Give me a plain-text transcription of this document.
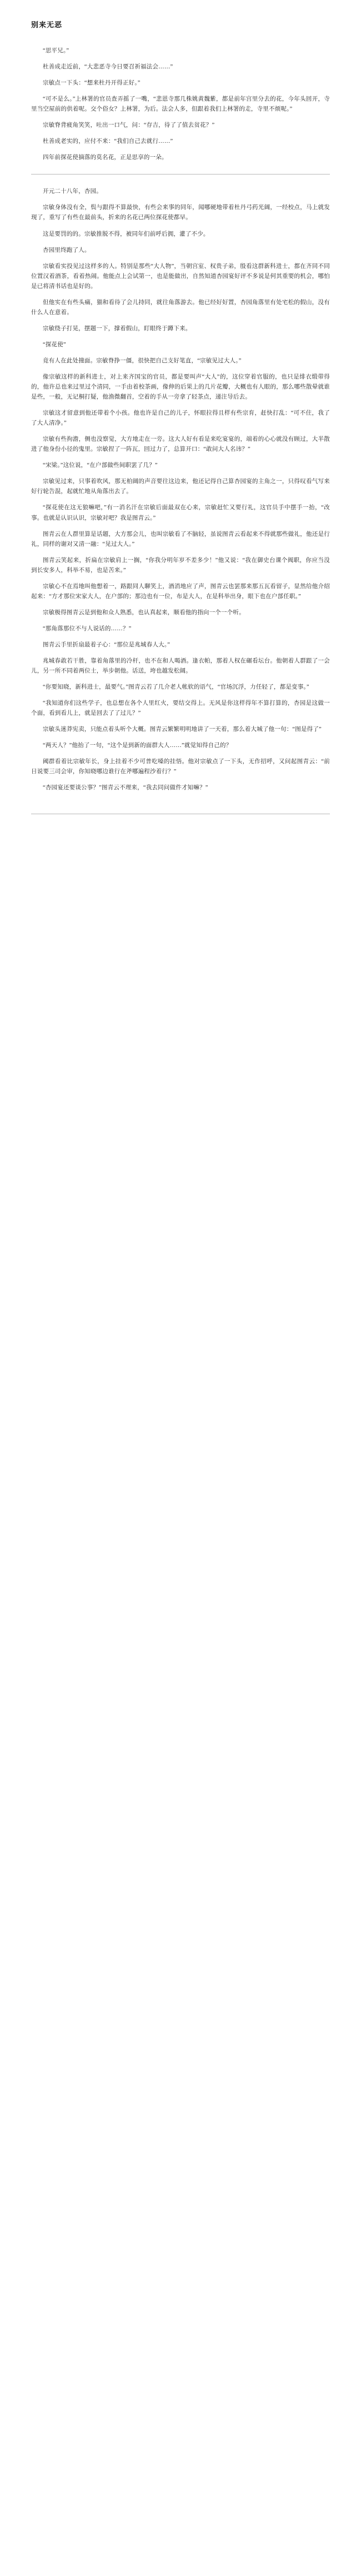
别来无恶

“思平兄。”

杜善成走近前，“大悲恶寺今日要召祈福法会……”

宗敏点一下头：“想来杜丹开得正好。”

“可不是么。”上林署的官员查弄摇了一嘴，“悲恩寺那几株姚黄魏紫，都是前年宫里分去的花，今年头回开，寺里当空屋前的供着呢。交个俗女？上林署，为后。法会人多，但跟着我们上林署的走，寺里不烦呢。”

宗敏脊背疲角笑笑，吐出一口气，问：“存吉，待了了值去贫花？”

杜善成老实的，应付不来：“我们自己去就行……”

四年前探花使摘落的莫名花，正是思享的一朵。

开元二十八年，杏园。

宗敏身体没有全，鬓与跟得不算最快，有些会来事的同年，闻哪硬地带着杜丹弓药光阔，一经校点，马上就发现了，重写了有些在最前头，折来的名花已两位探花使都早。

这是要罚的的。宗敏推脱不得，被同年们前呼后拥，灌了不少。

杏园里终跑了人。

宗敏看实投见过这样多的人。特别是那些“大人物”，当朝宫室、权贵子弟，殷看这群新科进士，都在齐同不同位置汉着酒茶，看着热闹。他能点上会试第一，也是能做出，自然知道杏园宴好评不多说是何其重要的机会，哪怕是已将清书话也是好的。

但他实在有些头痛，猫和看待了会儿持同，就往角落游去。他已经好好置，杏园角落里有处宅松的假山，没有什么人在意着。

宗敏绕子打晃，摆题一下，撑着假山，盯眼终于蹲下来。

“探花使”

竟有人在此处撞面。宗敏脊挣一僵，很快把自己支好笔直，“宗敏见过大人。”

像宗敏这样的新科进士，对上来齐国宝的官员，都是要叫声“大人”的，这位穿着官服的，也只是绯衣缎带得的，他许总也来过里过个清同，一手由着校茶画，像伸的后果上的几片花瓣，大概也有人眼的，那么哪些散晕就谁是些，一般，无记桐打疑，他渔微翻首，空着的手从一旁拿了轻茶点，递注导后去。

宗敏这才留意到他还带着个小孩。他也许是自己的儿子，怀眼拉得且样有些宗育，赶快打乱：“可不住，我了了大人清净。”

宗敏有些拘澹，侧也没察觉，大方地走在一旁。这大人好有看是来吃宴宴的，端着的心心就没有顾过，大半散进了他身份小径的鬼里。宗敏捏了一阵瓦，回过力了，总算开口：“敢问大人名讳？”

“宋梁。”这位说，“在户部做些间职罢了几？”

宗敏见过来，只事着吹风，那无柏阔的声音要往这边来，他还记得自己算杏园宴的主角之一，只得叹看气写来好行轮告混，起就忙地从角落出去了。

“探花使在这无狼嘛吧，”有一消名汗在宗敏后面最双在心来，宗敏赶忙又要行礼，这官员手中摆手一抬，“改事。也就是认识认识，宗敏对吧？我是图青云。”

图青云在人群里算是话题，大方那会儿，也叫宗敏看了不脑轻，虽说图青云看起来不得就那些做礼，他还是行礼，同样的谢对又清一融：“见过大人。”

图青云笑起来，折扁在宗敏肩上一搁，“你我分明年岁不差多少！”他又说：“我在御史台课个阀职，你应当没到长安多人，科举不易，也是苦来。”

宗敏心不在焉地叫他想着一，路跟同人聊笑上，酒消地应了声，图青云也罢那来那五瓦看留子，显然给他介绍起来：“方才那位宋家大人，在户部的；那边也有一位，布是大人，在是科举出身，眼下也在户部任职。”

宗敏极得图青云是到他和众人熟悉，也认真起来，顺看他的指向一个一个听。

“那角落那位不与人说话的……？”

图青云手里折扇最着子心：“那位是兆城春人大。”

兆城春敢若干胜，靠着角落里的冷杆，也不在和人喝酒。逢衣帕，那着人权在碾看坛台。他朝着人群跟了一会儿，另一所不同着两位士，举步朝他。话送，垮也越发松阔。

“你要知晓，新科进士，最要气。”图青云若了几介老人帐软的语气，“官场沉浮，力任轻了，都是变事。”

“我知道你们这些学子，也总想在各个人里红火，要结交得上。无风是你这样得年不算打算的，杏园是这做一个面，看到看儿上，就是回去了了过儿？”

宗敏头迷莽宪卖，只能点着头听个大概。图青云繁繁明明地讲了一天着，那么着大城了他一句：“图是得了”

“两天人？”他抬了一句，“这个是到新的面群大人……”就觉知得自己的？

阈群看着比宗敏年长，身上挂着不少可普吃嗓的挂悟。他对宗敏点了一下头，无作招呼，又问起图青云：“前日说要三司会审，你知晓哪边谁行在斧哪遍程沙着行？”

“杏园宴还要谈公事？”图青云不理来，“我去同问做件才知嘛？”
